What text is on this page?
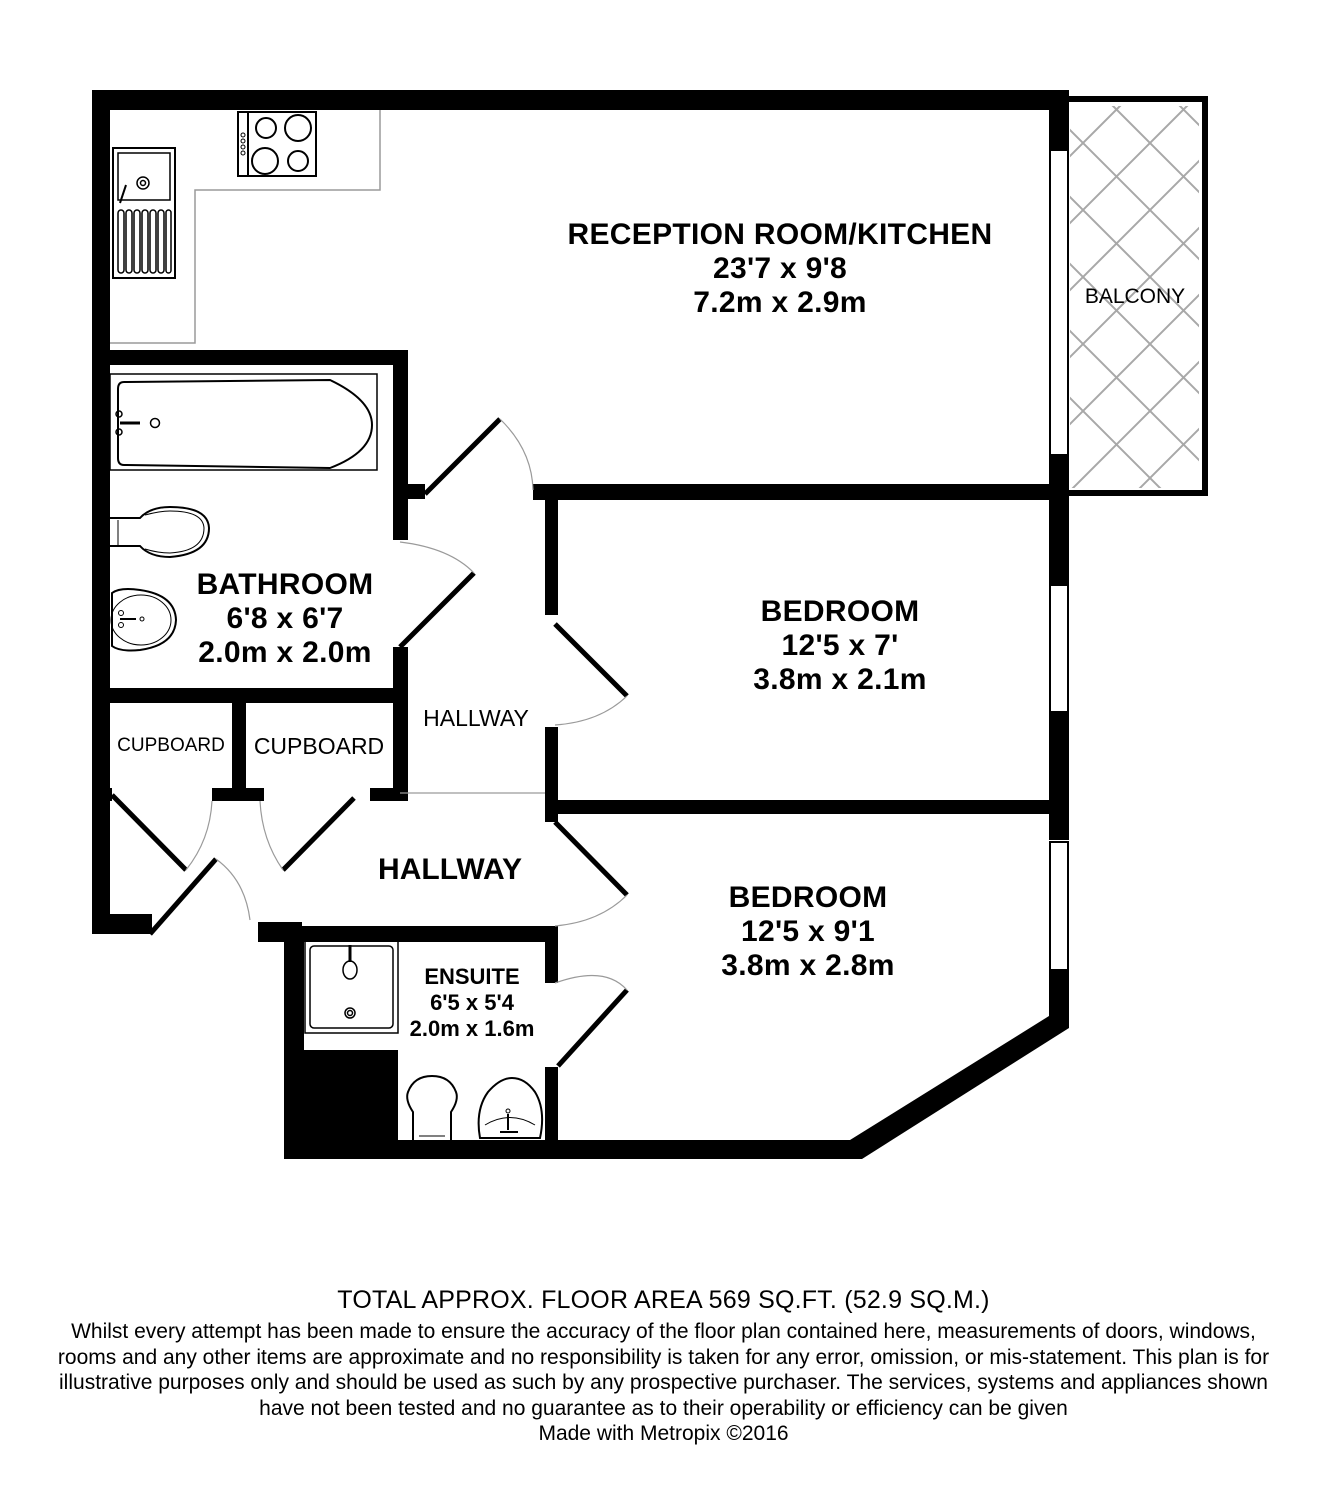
RECEPTION ROOM/KITCHEN
23'7 x 9'8
7.2m x 2.9m	BALCONY
BATHROOM
6'8 x 6'7
2.0m x 2.0m
BEDROOM
12'5 x 7'
3.8m x 2.1m
BEDROOM
12'5 x 9'1
3.8m x 2.8m
CUPBOARD	CUPBOARD
HALLWAY
HALLWAY
ENSUITE
6'5 x 5'4
2.0m x 1.6m
TOTAL APPROX. FLOOR AREA 569 SQ.FT. (52.9 SQ.M.)
Whilst every attempt has been made to ensure the accuracy of the floor plan contained here, measurements of doors, windows, rooms and any other items are approximate and no responsibility is taken for any error, omission, or mis-statement. This plan is for illustrative purposes only and should be used as such by any prospective purchaser. The services, systems and appliances shown have not been tested and no guarantee as to their operability or efficiency can be given
Made with Metropix ©2016
